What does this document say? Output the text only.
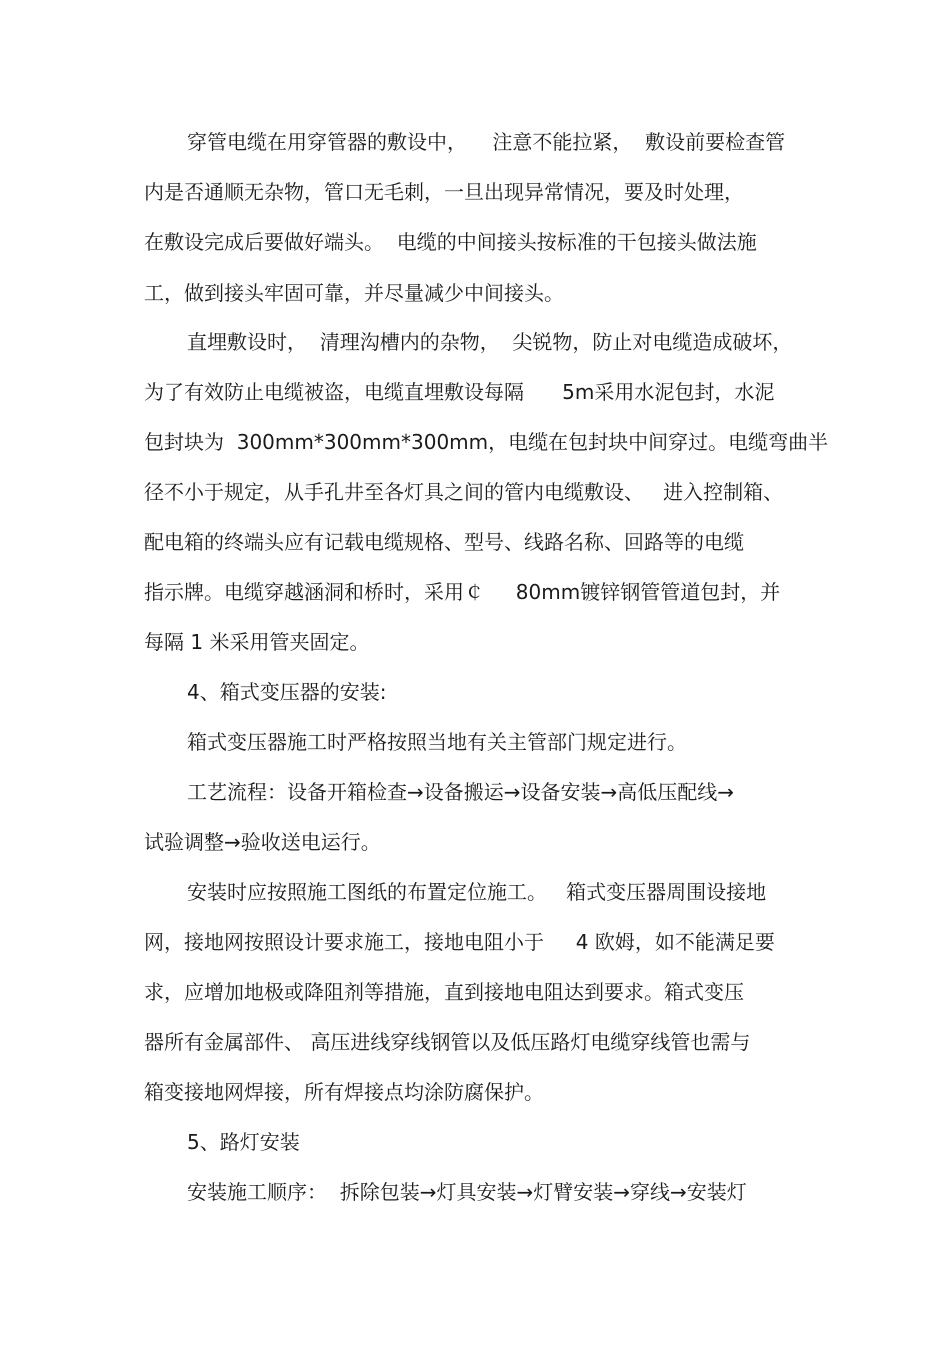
穿管电缆在用穿管器的敷设中，    注意不能拉紧，  敷设前要检查管
内是否通顺无杂物，管口无毛刺，一旦出现异常情况，要及时处理，
在敷设完成后要做好端头。  电缆的中间接头按标准的干包接头做法施
工，做到接头牢固可靠，并尽量减少中间接头。
直埋敷设时，  清理沟槽内的杂物，  尖锐物，防止对电缆造成破坏，
为了有效防止电缆被盗，电缆直埋敷设每隔      5m采用水泥包封，水泥
包封块为  300mm*300mm*300mm，电缆在包封块中间穿过。电缆弯曲半
径不小于规定，从手孔井至各灯具之间的管内电缆敷设、   进入控制箱、
配电箱的终端头应有记载电缆规格、型号、线路名称、回路等的电缆
指示牌。电缆穿越涵洞和桥时，采用￠     80mm镀锌钢管管道包封，并
每隔 1 米采用管夹固定。
4、箱式变压器的安装:
箱式变压器施工时严格按照当地有关主管部门规定进行。
工艺流程：设备开箱检查→设备搬运→设备安装→高低压配线→
试验调整→验收送电运行。
安装时应按照施工图纸的布置定位施工。   箱式变压器周围设接地
网，接地网按照设计要求施工，接地电阻小于     4 欧姆，如不能满足要
求，应增加地极或降阻剂等措施，直到接地电阻达到要求。箱式变压
器所有金属部件、 高压进线穿线钢管以及低压路灯电缆穿线管也需与
箱变接地网焊接，所有焊接点均涂防腐保护。
5、路灯安装
安装施工顺序：  拆除包装→灯具安装→灯臂安装→穿线→安装灯
